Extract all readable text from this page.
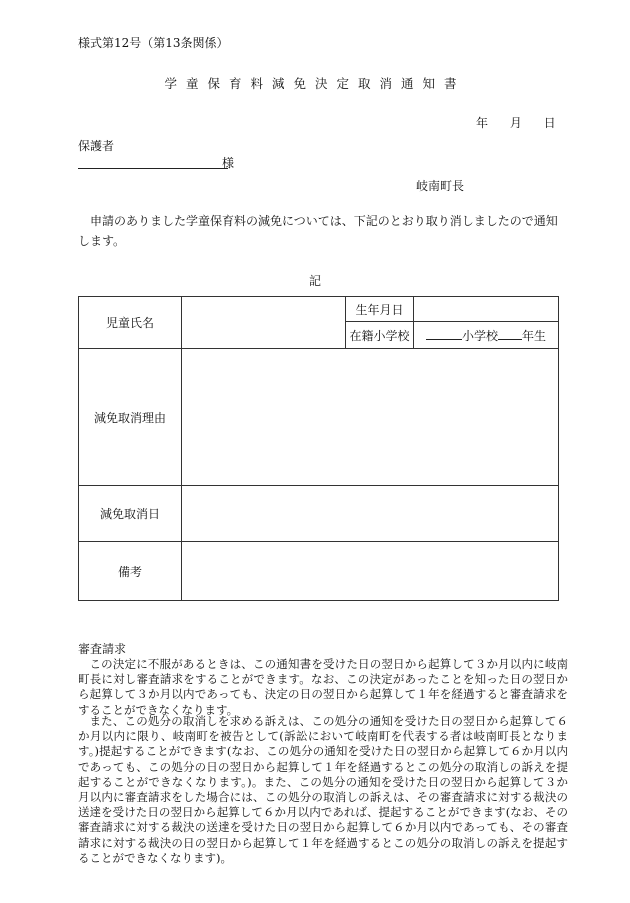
様式第12号（第13条関係）
学童保育料減免決定取消通知書
年 月 日
保護者
様
岐南町長
　申請のありました学童保育料の減免については、下記のとおり取り消しましたので通知します。
記
児童氏名		生年月日	
		在籍小学校	小学校 年生
減免取消理由			
減免取消日			
備考			
審査請求
この決定に不服があるときは、この通知書を受けた日の翌日から起算して３か月以内に岐南町長に対し審査請求をすることができます。なお、この決定があったことを知った日の翌日から起算して３か月以内であっても、決定の日の翌日から起算して１年を経過すると審査請求をすることができなくなります。
また、この処分の取消しを求める訴えは、この処分の通知を受けた日の翌日から起算して６か月以内に限り、岐南町を被告として(訴訟において岐南町を代表する者は岐南町長となります。)提起することができます(なお、この処分の通知を受けた日の翌日から起算して６か月以内であっても、この処分の日の翌日から起算して１年を経過するとこの処分の取消しの訴えを提起することができなくなります。)。また、この処分の通知を受けた日の翌日から起算して３か月以内に審査請求をした場合には、この処分の取消しの訴えは、その審査請求に対する裁決の送達を受けた日の翌日から起算して６か月以内であれば、提起することができます(なお、その審査請求に対する裁決の送達を受けた日の翌日から起算して６か月以内であっても、その審査請求に対する裁決の日の翌日から起算して１年を経過するとこの処分の取消しの訴えを提起することができなくなります)。
